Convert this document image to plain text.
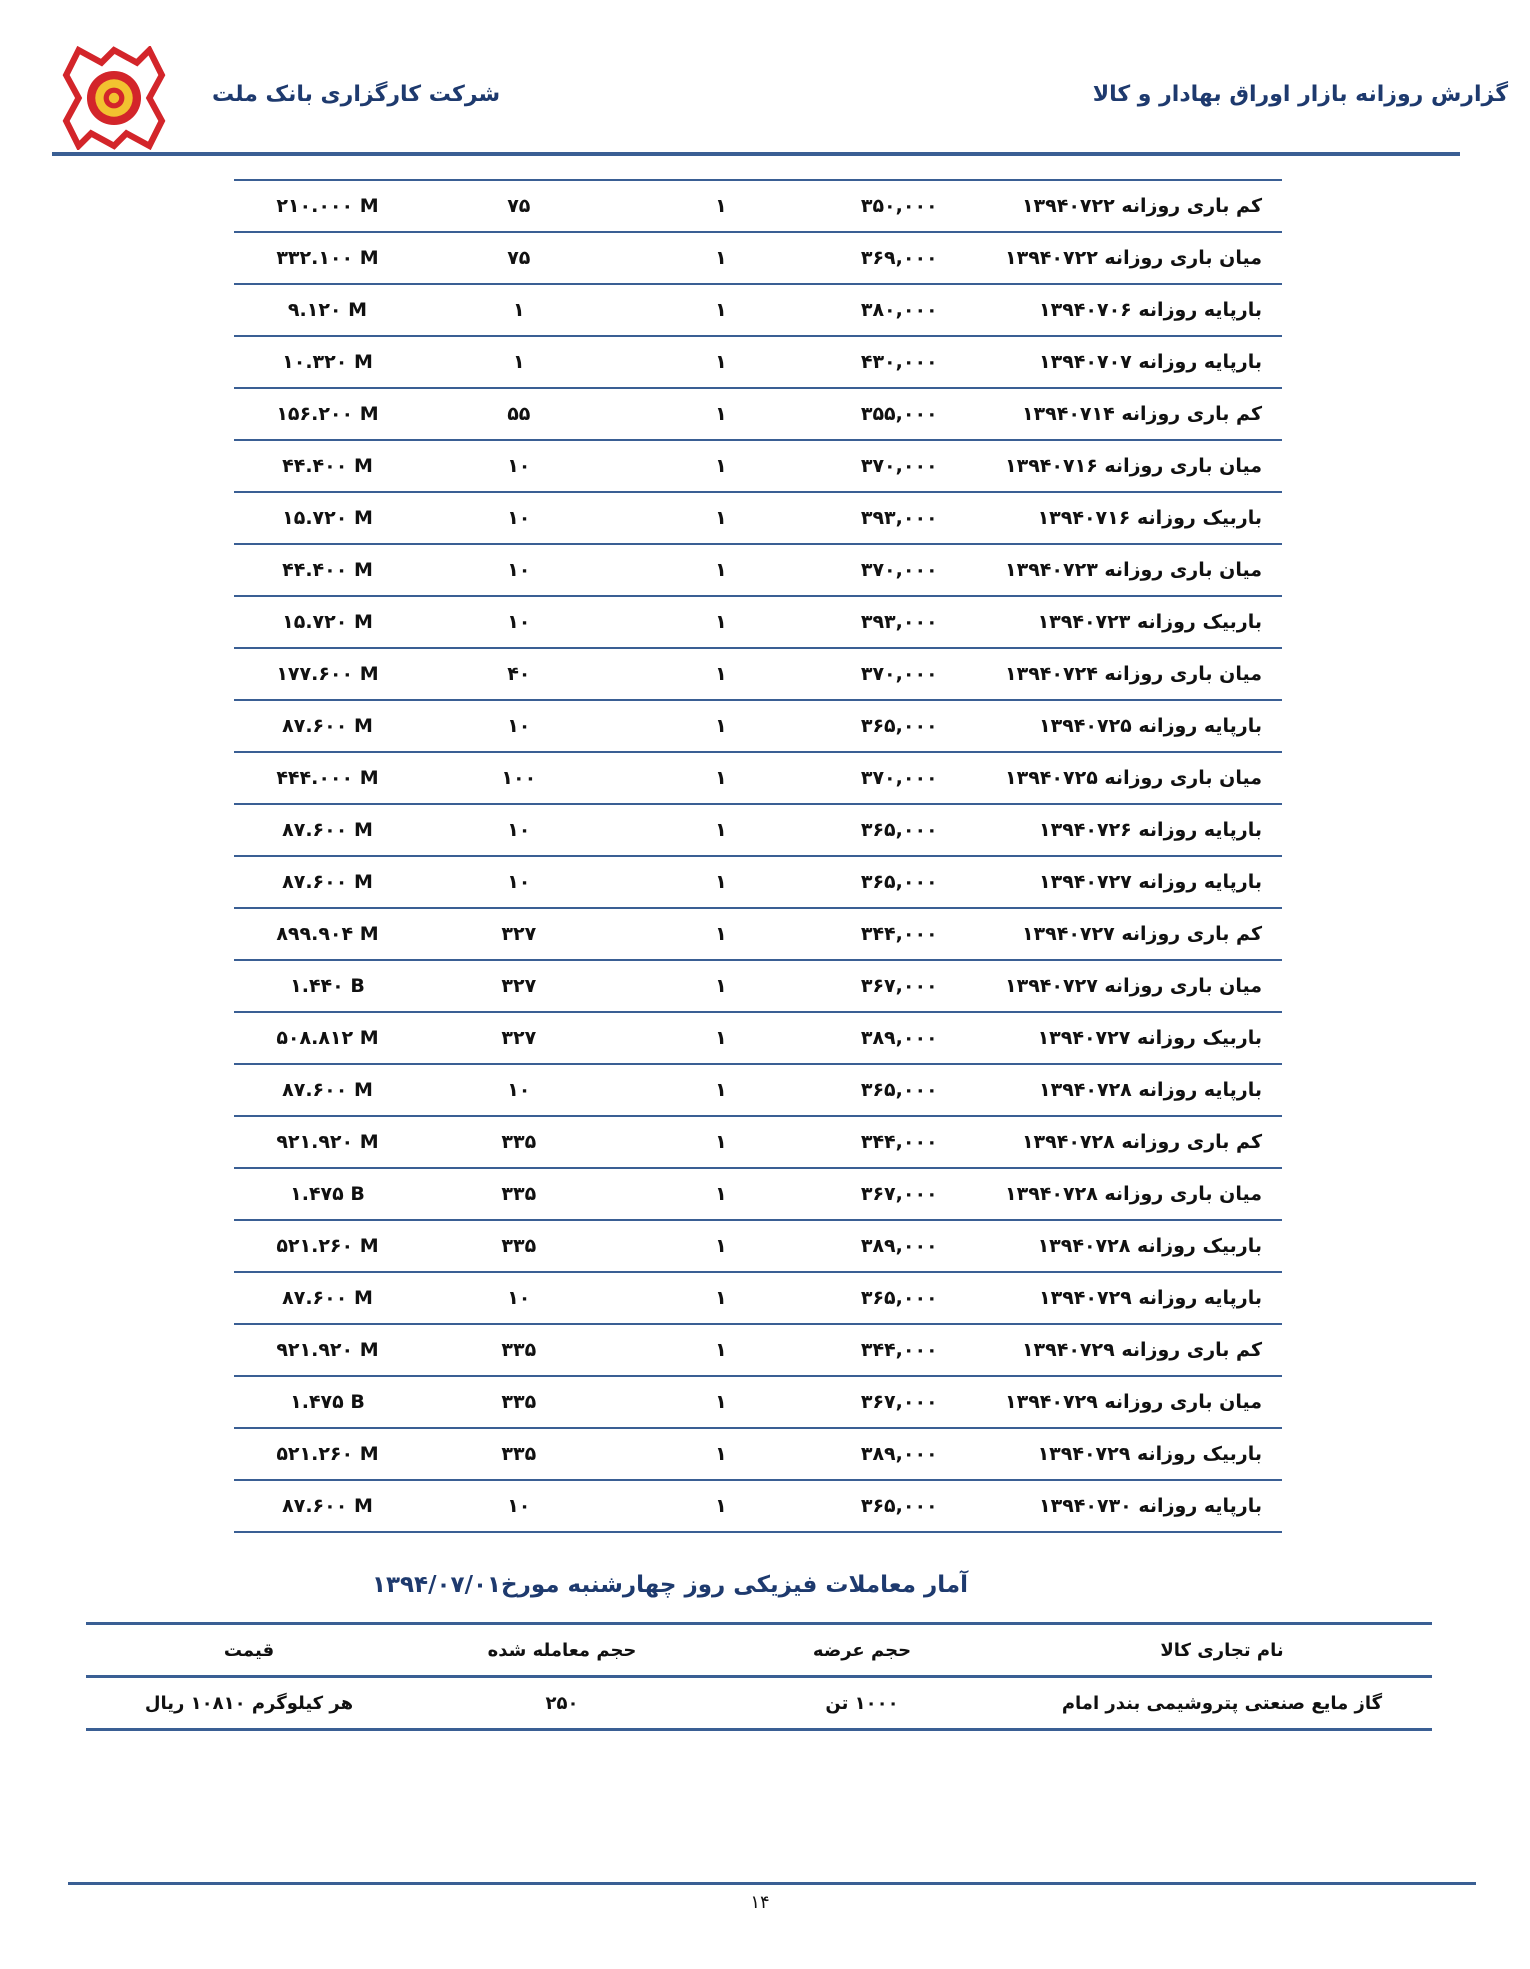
گزارش روزانه بازار اوراق بهادار و کالا
شرکت کارگزاری بانک ملت
۲۱۰.۰۰۰ M	۷۵	۱	۳۵۰,۰۰۰	کم باری روزانه ۱۳۹۴۰۷۲۲
۳۳۲.۱۰۰ M	۷۵	۱	۳۶۹,۰۰۰	میان باری روزانه ۱۳۹۴۰۷۲۲
۹.۱۲۰ M	۱	۱	۳۸۰,۰۰۰	بارپایه روزانه ۱۳۹۴۰۷۰۶
۱۰.۳۲۰ M	۱	۱	۴۳۰,۰۰۰	بارپایه روزانه ۱۳۹۴۰۷۰۷
۱۵۶.۲۰۰ M	۵۵	۱	۳۵۵,۰۰۰	کم باری روزانه ۱۳۹۴۰۷۱۴
۴۴.۴۰۰ M	۱۰	۱	۳۷۰,۰۰۰	میان باری روزانه ۱۳۹۴۰۷۱۶
۱۵.۷۲۰ M	۱۰	۱	۳۹۳,۰۰۰	باربیک روزانه ۱۳۹۴۰۷۱۶
۴۴.۴۰۰ M	۱۰	۱	۳۷۰,۰۰۰	میان باری روزانه ۱۳۹۴۰۷۲۳
۱۵.۷۲۰ M	۱۰	۱	۳۹۳,۰۰۰	باربیک روزانه ۱۳۹۴۰۷۲۳
۱۷۷.۶۰۰ M	۴۰	۱	۳۷۰,۰۰۰	میان باری روزانه ۱۳۹۴۰۷۲۴
۸۷.۶۰۰ M	۱۰	۱	۳۶۵,۰۰۰	بارپایه روزانه ۱۳۹۴۰۷۲۵
۴۴۴.۰۰۰ M	۱۰۰	۱	۳۷۰,۰۰۰	میان باری روزانه ۱۳۹۴۰۷۲۵
۸۷.۶۰۰ M	۱۰	۱	۳۶۵,۰۰۰	بارپایه روزانه ۱۳۹۴۰۷۲۶
۸۷.۶۰۰ M	۱۰	۱	۳۶۵,۰۰۰	بارپایه روزانه ۱۳۹۴۰۷۲۷
۸۹۹.۹۰۴ M	۳۲۷	۱	۳۴۴,۰۰۰	کم باری روزانه ۱۳۹۴۰۷۲۷
۱.۴۴۰ B	۳۲۷	۱	۳۶۷,۰۰۰	میان باری روزانه ۱۳۹۴۰۷۲۷
۵۰۸.۸۱۲ M	۳۲۷	۱	۳۸۹,۰۰۰	باربیک روزانه ۱۳۹۴۰۷۲۷
۸۷.۶۰۰ M	۱۰	۱	۳۶۵,۰۰۰	بارپایه روزانه ۱۳۹۴۰۷۲۸
۹۲۱.۹۲۰ M	۳۳۵	۱	۳۴۴,۰۰۰	کم باری روزانه ۱۳۹۴۰۷۲۸
۱.۴۷۵ B	۳۳۵	۱	۳۶۷,۰۰۰	میان باری روزانه ۱۳۹۴۰۷۲۸
۵۲۱.۲۶۰ M	۳۳۵	۱	۳۸۹,۰۰۰	باربیک روزانه ۱۳۹۴۰۷۲۸
۸۷.۶۰۰ M	۱۰	۱	۳۶۵,۰۰۰	بارپایه روزانه ۱۳۹۴۰۷۲۹
۹۲۱.۹۲۰ M	۳۳۵	۱	۳۴۴,۰۰۰	کم باری روزانه ۱۳۹۴۰۷۲۹
۱.۴۷۵ B	۳۳۵	۱	۳۶۷,۰۰۰	میان باری روزانه ۱۳۹۴۰۷۲۹
۵۲۱.۲۶۰ M	۳۳۵	۱	۳۸۹,۰۰۰	باربیک روزانه ۱۳۹۴۰۷۲۹
۸۷.۶۰۰ M	۱۰	۱	۳۶۵,۰۰۰	بارپایه روزانه ۱۳۹۴۰۷۳۰
آمار معاملات فیزیکی روز چهارشنبه مورخ۱۳۹۴/۰۷/۰۱
نام تجاری کالا	حجم عرضه	حجم معامله شده	قیمت
گاز مایع صنعتی پتروشیمی بندر امام	۱۰۰۰ تن	۲۵۰	هر کیلوگرم ۱۰۸۱۰ ریال
۱۴
